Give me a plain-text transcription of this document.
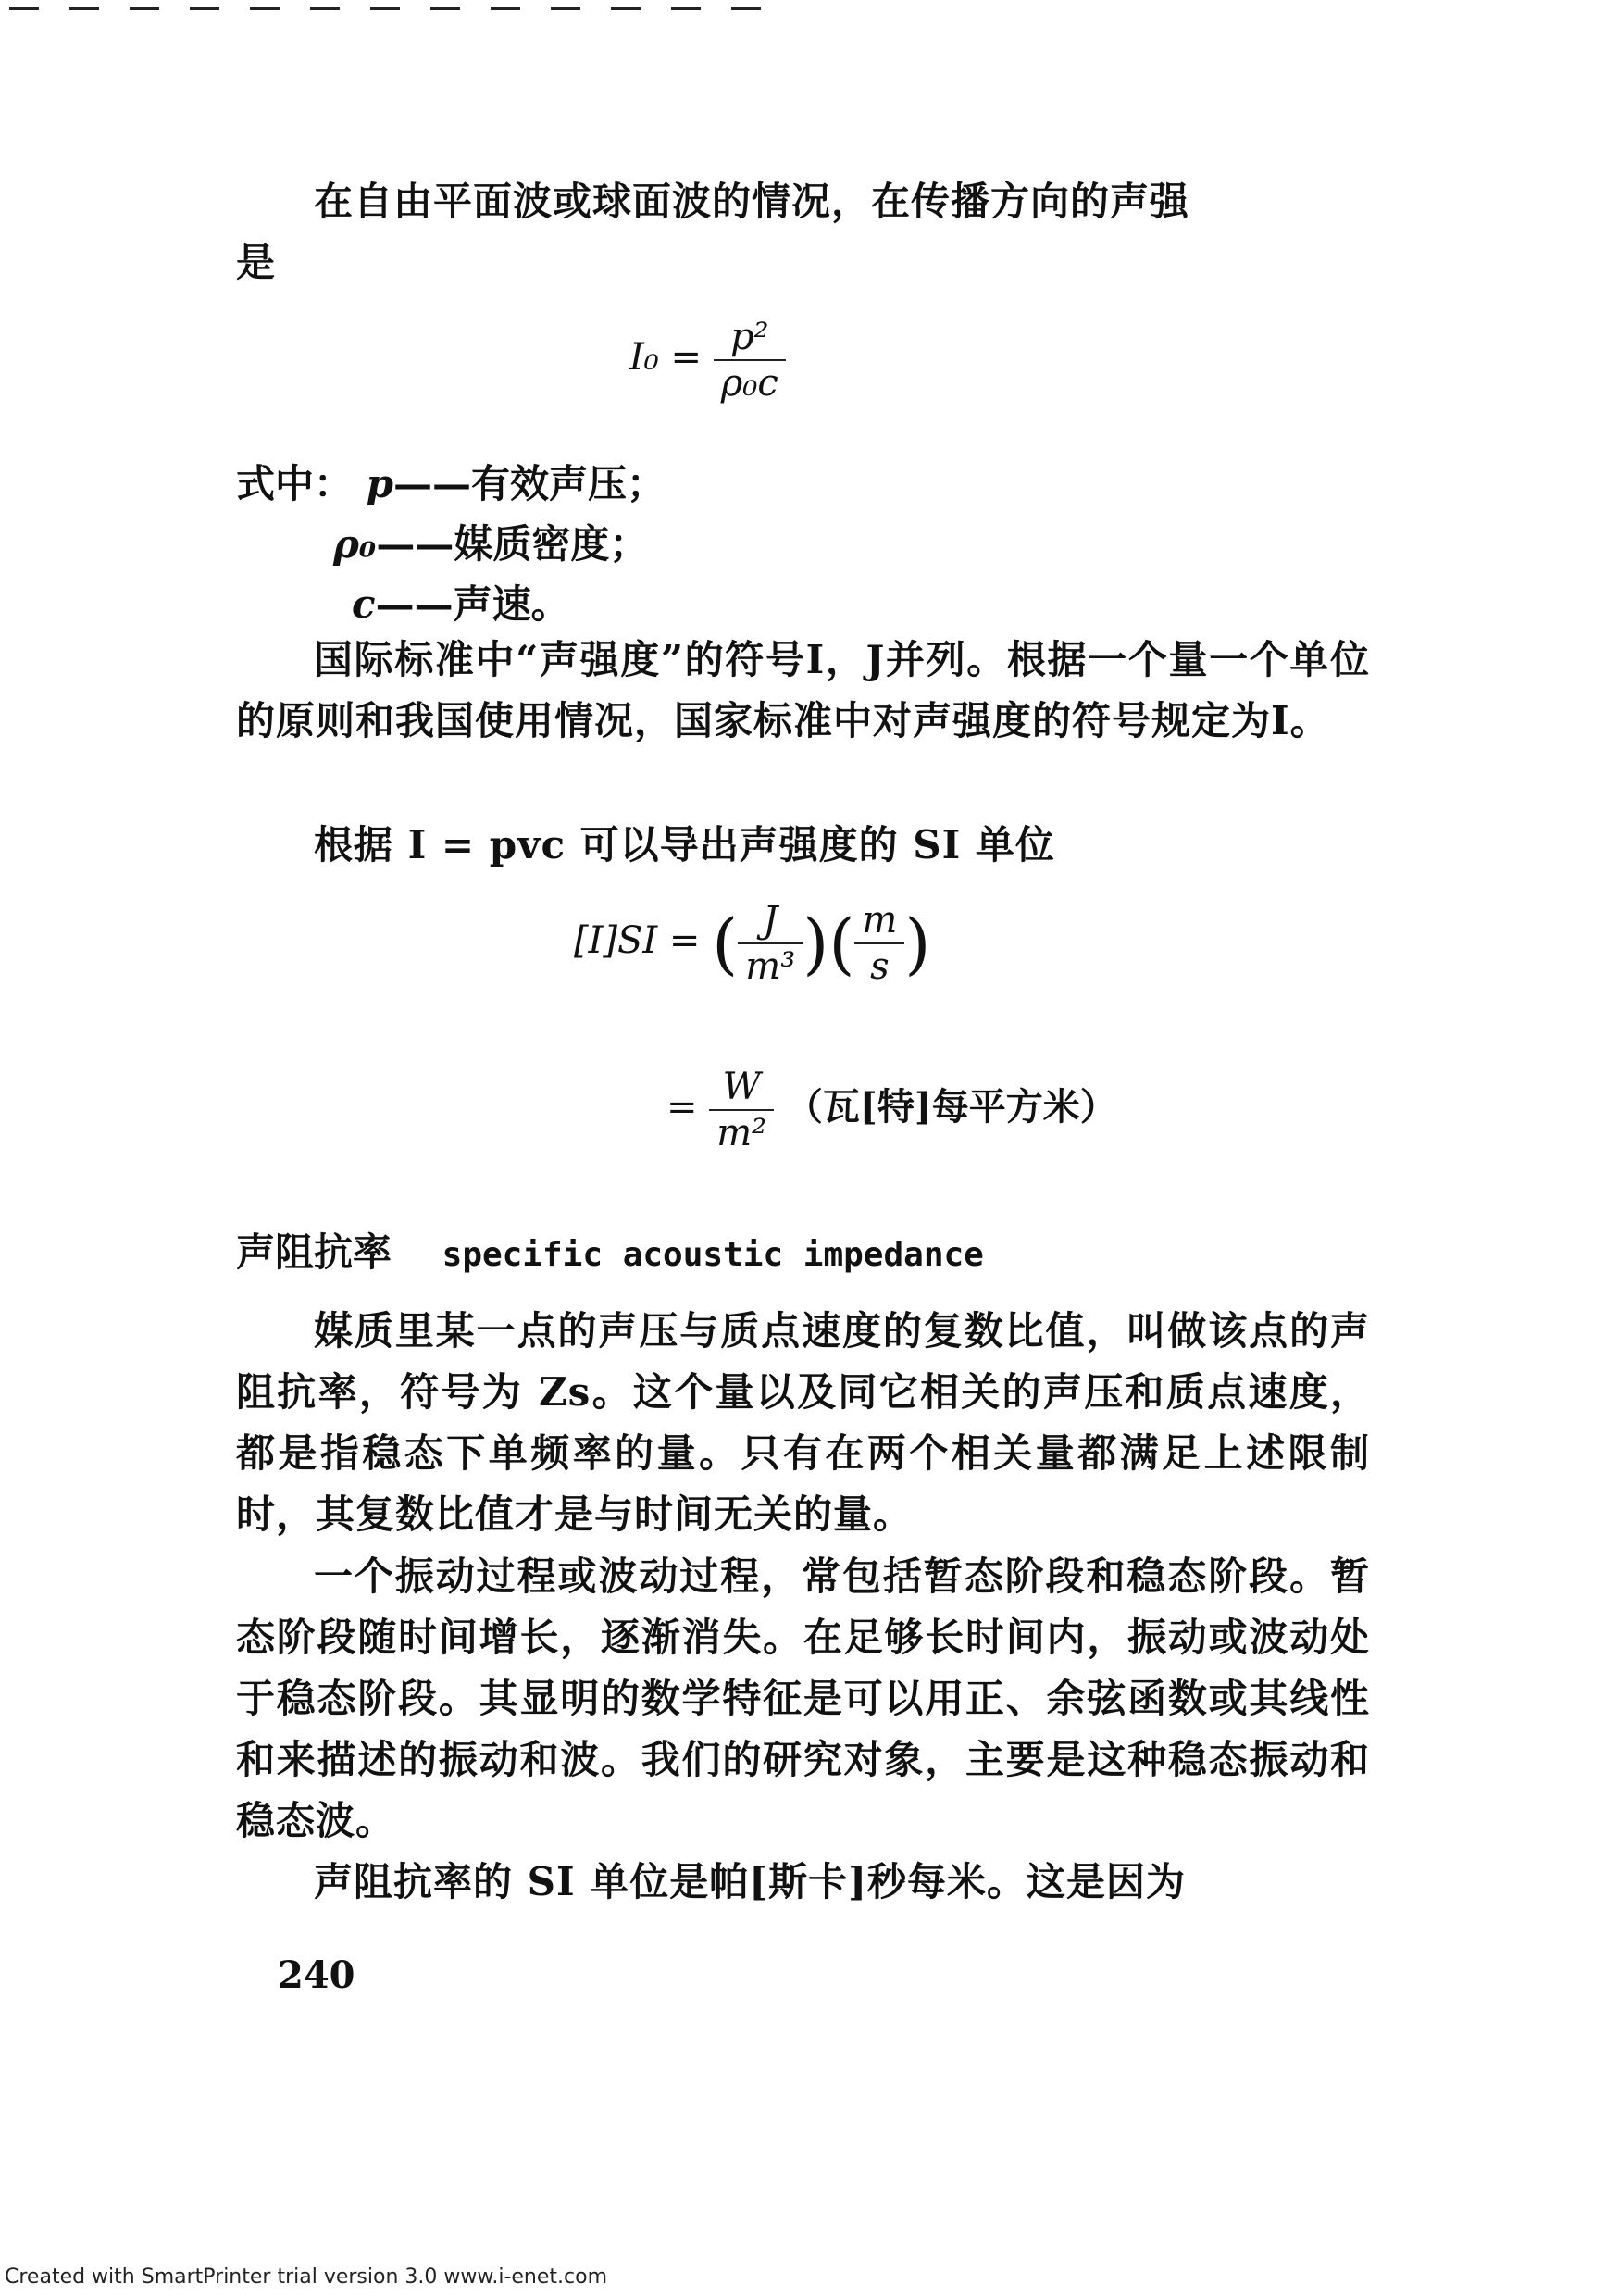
在自由平面波或球面波的情况，在传播方向的声强
是
$I_0 = \frac{\text{p²}}{\text{ρ₀c}}$
式中： p——有效声压；
ρ₀——媒质密度；
c——声速。
国际标准中“声强度”的符号I，J并列。根据一个量一个单位的原则和我国使用情况，国家标准中对声强度的符号规定为I。
根据 I = pvc 可以导出声强度的 SI 单位
[I]SI = ( $\frac{J}{\text{m³}}$ )( $\frac{m}{s}$ )
= $\frac{W}{\text{m²}}$ （瓦[特]每平方米）
声阻抗率 specific acoustic impedance
媒质里某一点的声压与质点速度的复数比值，叫做该点的声阻抗率，符号为 Zs。这个量以及同它相关的声压和质点速度，都是指稳态下单频率的量。只有在两个相关量都满足上述限制时，其复数比值才是与时间无关的量。
一个振动过程或波动过程，常包括暂态阶段和稳态阶段。暂态阶段随时间增长，逐渐消失。在足够长时间内，振动或波动处于稳态阶段。其显明的数学特征是可以用正、余弦函数或其线性和来描述的振动和波。我们的研究对象，主要是这种稳态振动和稳态波。
声阻抗率的 SI 单位是帕[斯卡]秒每米。这是因为
240
Created with SmartPrinter trial version 3.0 www.i-enet.com
